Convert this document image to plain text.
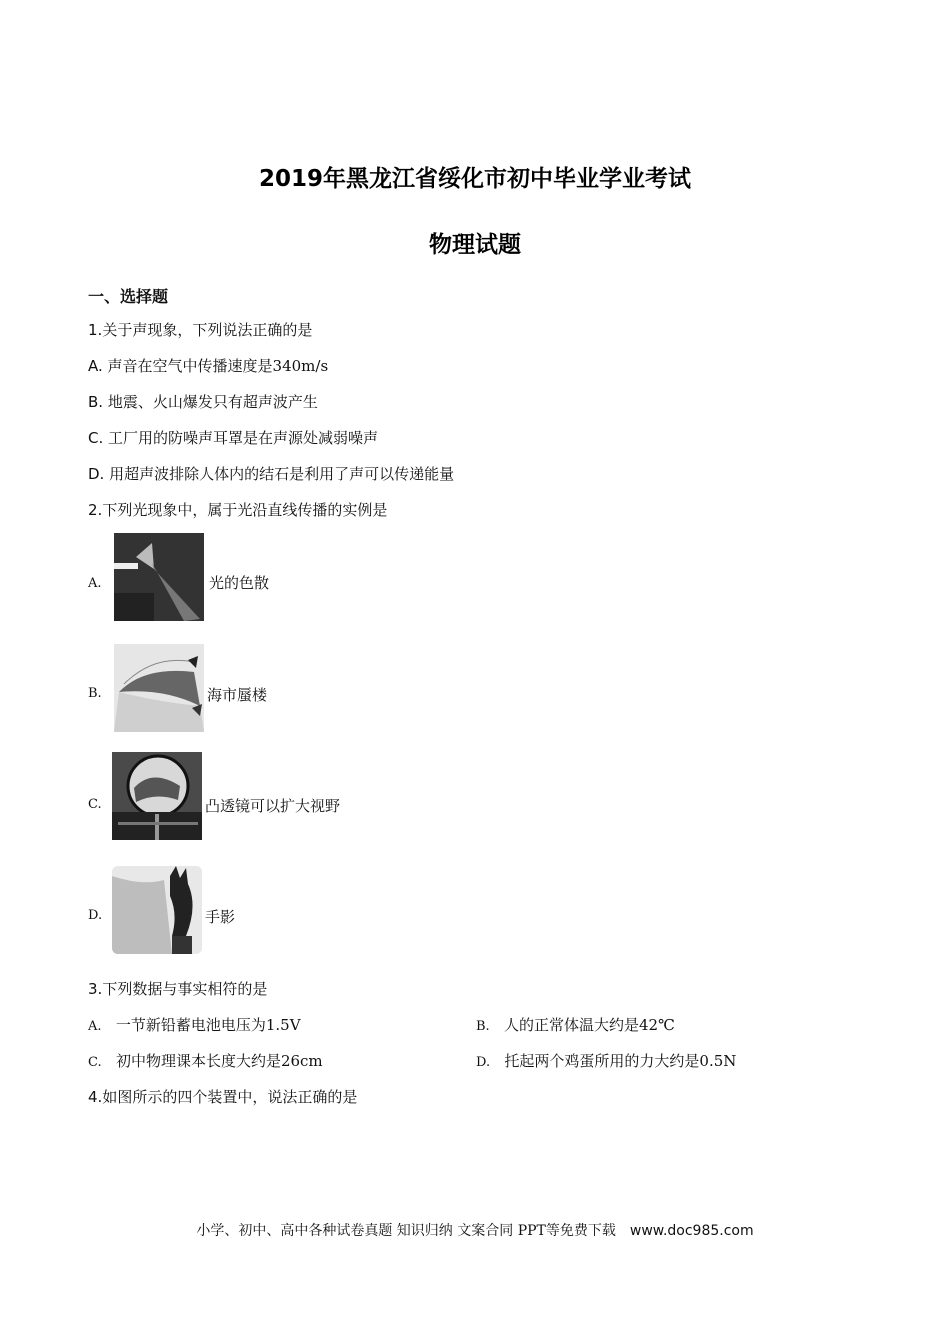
2019年黑龙江省绥化市初中毕业学业考试
物理试题
一、选择题
1.关于声现象，下列说法正确的是
A. 声音在空气中传播速度是340m/s
B. 地震、火山爆发只有超声波产生
C. 工厂用的防噪声耳罩是在声源处减弱噪声
D. 用超声波排除人体内的结石是利用了声可以传递能量
2.下列光现象中，属于光沿直线传播的实例是
A.	光的色散
B.	海市蜃楼
C.	凸透镜可以扩大视野
D.	手影
3.下列数据与事实相符的是
A. 一节新铅蓄电池电压为1.5V	B. 人的正常体温大约是42℃
C. 初中物理课本长度大约是26cm	D. 托起两个鸡蛋所用的力大约是0.5N
4.如图所示的四个装置中，说法正确的是
小学、初中、高中各种试卷真题 知识归纳 文案合同 PPT等免费下载 www.doc985.com
